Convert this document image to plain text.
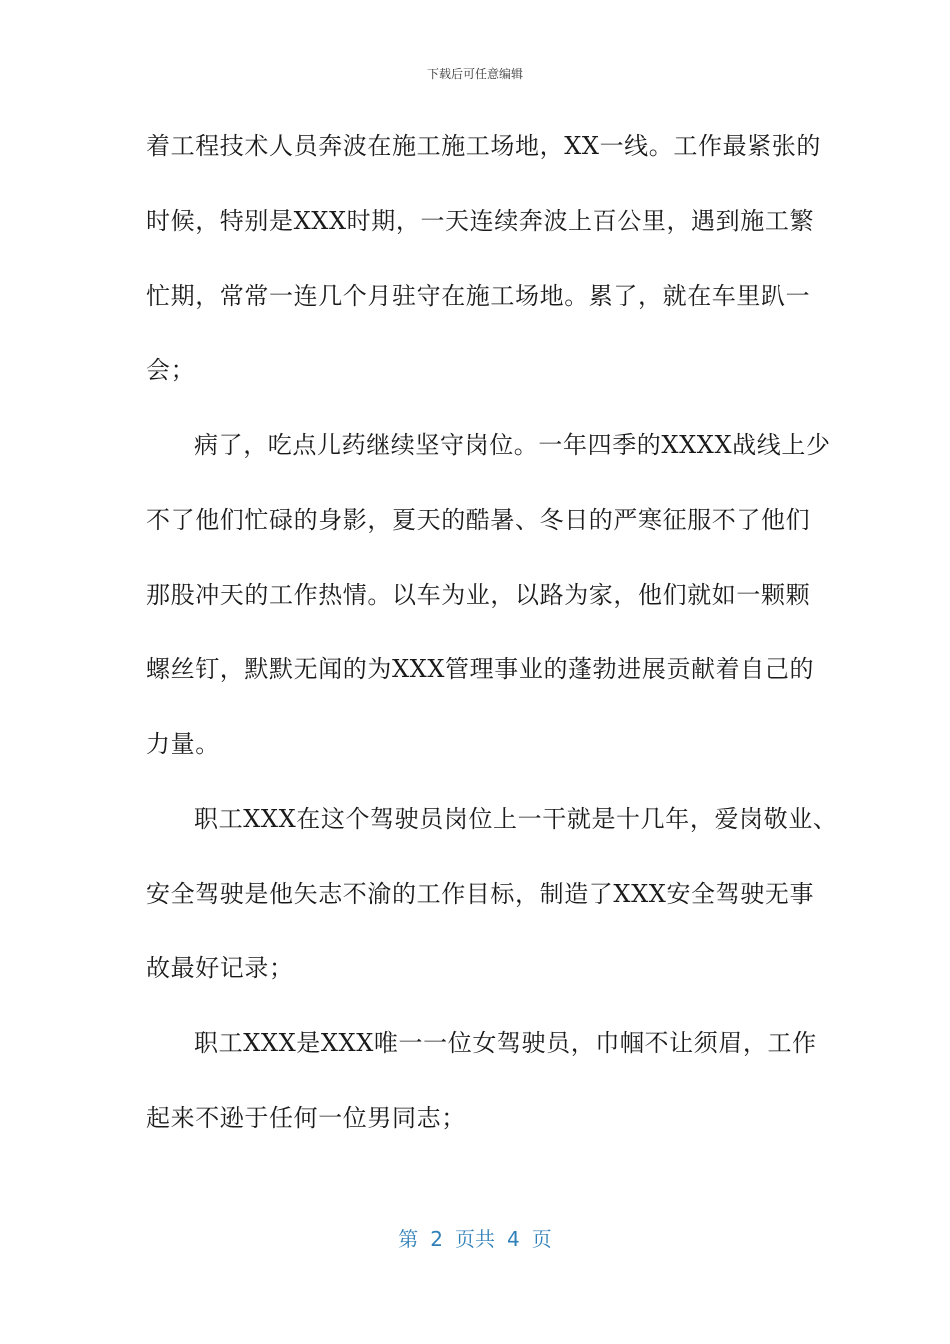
下载后可任意编辑
着工程技术人员奔波在施工施工场地，XX一线。工作最紧张的
时候，特别是XXX时期，一天连续奔波上百公里，遇到施工繁
忙期，常常一连几个月驻守在施工场地。累了，就在车里趴一
会；
病了，吃点儿药继续坚守岗位。一年四季的XXXX战线上少
不了他们忙碌的身影，夏天的酷暑、冬日的严寒征服不了他们
那股冲天的工作热情。以车为业，以路为家，他们就如一颗颗
螺丝钉，默默无闻的为XXX管理事业的蓬勃进展贡献着自己的
力量。
职工XXX在这个驾驶员岗位上一干就是十几年，爱岗敬业、
安全驾驶是他矢志不渝的工作目标，制造了XXX安全驾驶无事
故最好记录；
职工XXX是XXX唯一一位女驾驶员，巾帼不让须眉，工作
起来不逊于任何一位男同志；
第 2 页共 4 页
